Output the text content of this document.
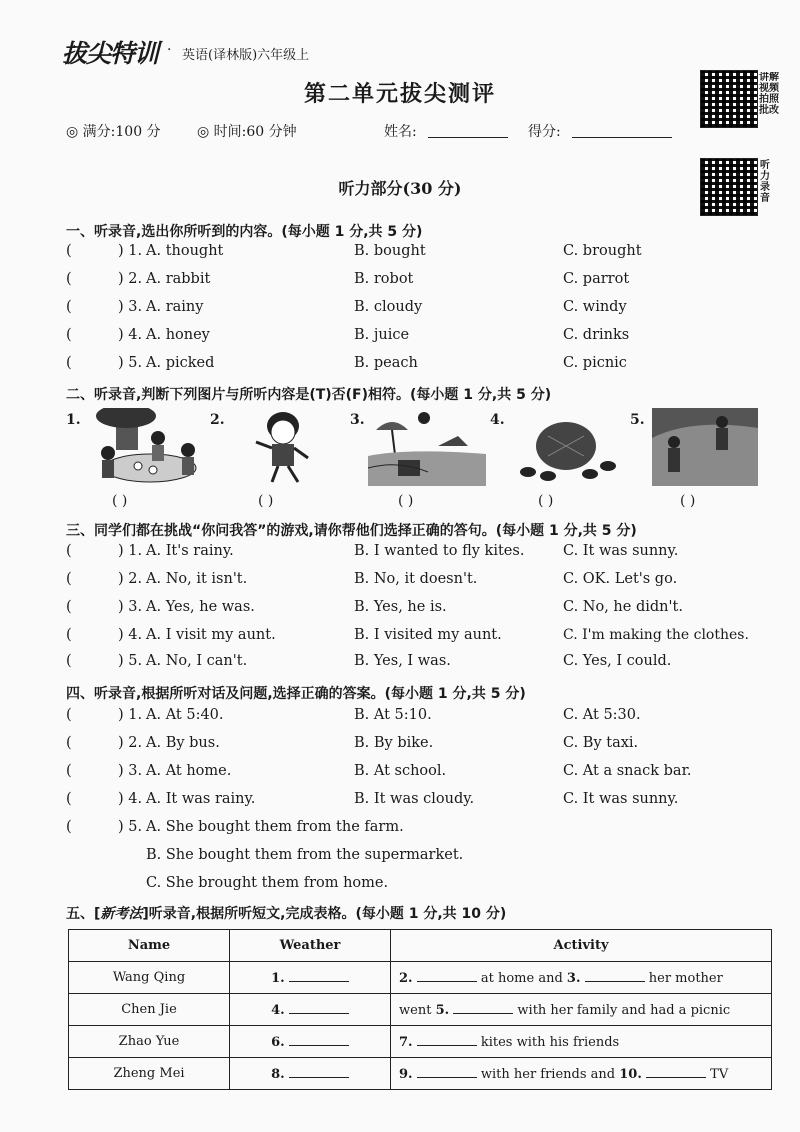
拔尖特训 · 英语(译林版)六年级上
第二单元拔尖测评
讲解视频拍照批改
听力录音
◎ 满分:100 分	◎ 时间:60 分钟	姓名:	得分:
听力部分(30 分)
一、听录音,选出你所听到的内容。(每小题 1 分,共 5 分)
(	) 1. A. thought	B. bought	C. brought
(	) 2. A. rabbit	B. robot	C. parrot
(	) 3. A. rainy	B. cloudy	C. windy
(	) 4. A. honey	B. juice	C. drinks
(	) 5. A. picked	B. peach	C. picnic
二、听录音,判断下列图片与所听内容是(T)否(F)相符。(每小题 1 分,共 5 分)
1.	2.	3.	4.	5.
( )	( )	( )	( )	( )
三、同学们都在挑战“你问我答”的游戏,请你帮他们选择正确的答句。(每小题 1 分,共 5 分)
(	) 1. A. It's rainy.	B. I wanted to fly kites.	C. It was sunny.
(	) 2. A. No, it isn't.	B. No, it doesn't.	C. OK. Let's go.
(	) 3. A. Yes, he was.	B. Yes, he is.	C. No, he didn't.
(	) 4. A. I visit my aunt.	B. I visited my aunt.	C. I'm making the clothes.
(	) 5. A. No, I can't.	B. Yes, I was.	C. Yes, I could.
四、听录音,根据所听对话及问题,选择正确的答案。(每小题 1 分,共 5 分)
(	) 1. A. At 5:40.	B. At 5:10.	C. At 5:30.
(	) 2. A. By bus.	B. By bike.	C. By taxi.
(	) 3. A. At home.	B. At school.	C. At a snack bar.
(	) 4. A. It was rainy.	B. It was cloudy.	C. It was sunny.
(	) 5. A. She bought them from the farm.
B. She bought them from the supermarket.
C. She brought them from home.
五、[新考法]听录音,根据所听短文,完成表格。(每小题 1 分,共 10 分)
Name	Weather	Activity
Wang Qing	1.	2. at home and 3. her mother
Chen Jie	4.	went 5. with her family and had a picnic
Zhao Yue	6.	7. kites with his friends
Zheng Mei	8.	9. with her friends and 10. TV
